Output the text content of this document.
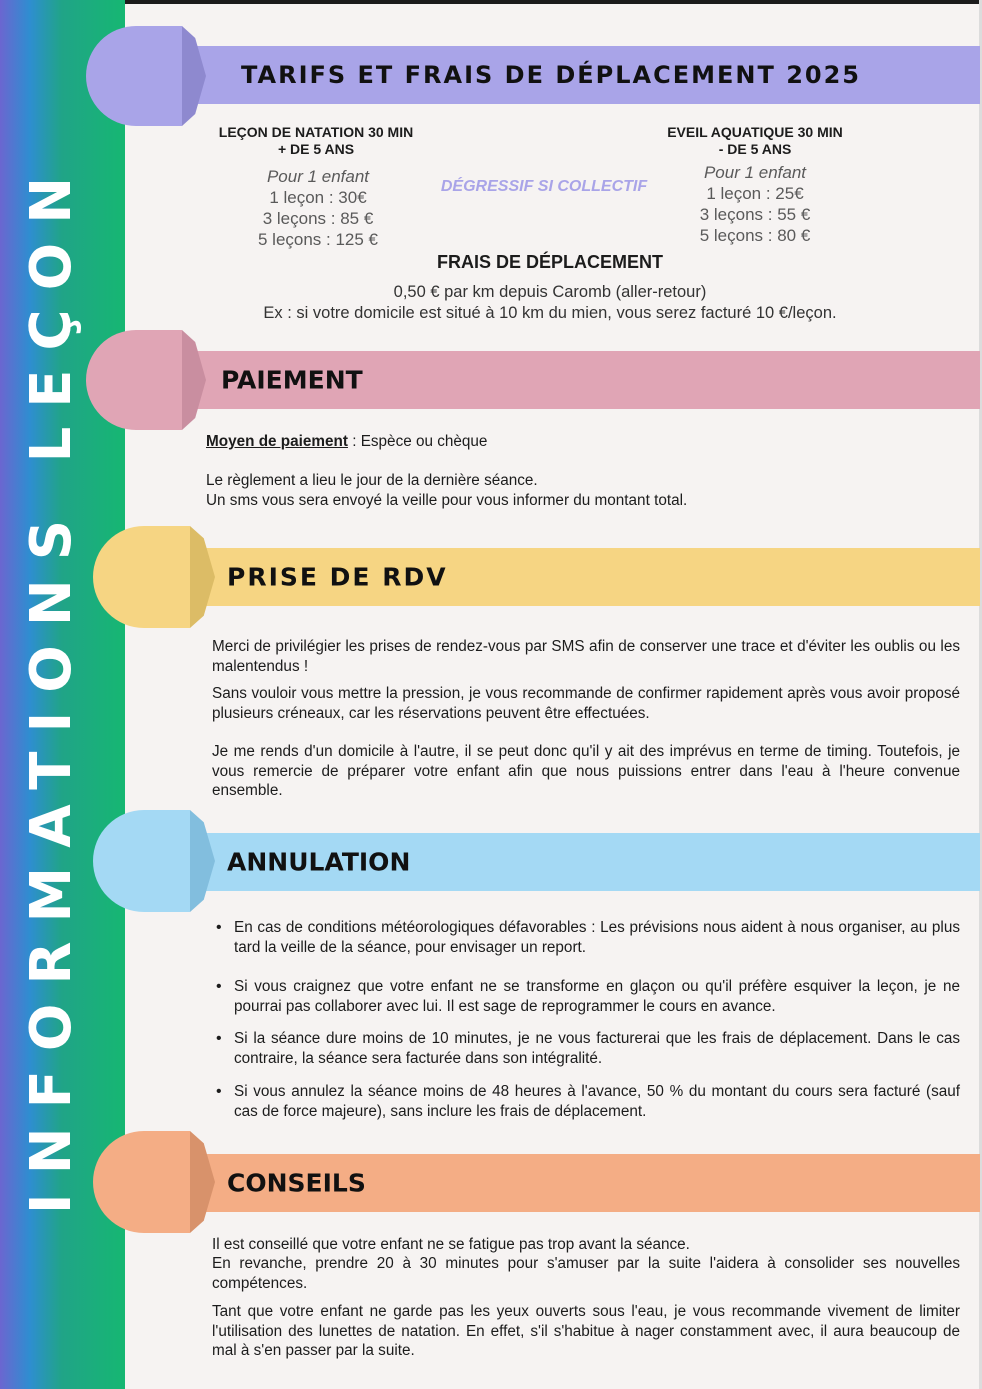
INFORMATIONS LEÇON
TARIFS ET FRAIS DE DÉPLACEMENT 2025
LEÇON DE NATATION 30 MIN
+ DE 5 ANS
Pour 1 enfant
1 leçon : 30€
3 leçons : 85 €
5 leçons : 125 €
DÉGRESSIF SI COLLECTIF
EVEIL AQUATIQUE 30 MIN
- DE 5 ANS
Pour 1 enfant
1 leçon : 25€
3 leçons : 55 €
5 leçons : 80 €
FRAIS DE DÉPLACEMENT
0,50 € par km depuis Caromb (aller-retour)
Ex : si votre domicile est situé à 10 km du mien, vous serez facturé 10 €/leçon.
PAIEMENT
Moyen de paiement : Espèce ou chèque
Le règlement a lieu le jour de la dernière séance.
Un sms vous sera envoyé la veille pour vous informer du montant total.
PRISE DE RDV
Merci de privilégier les prises de rendez-vous par SMS afin de conserver une trace et d'éviter les oublis ou les malentendus !
Sans vouloir vous mettre la pression, je vous recommande de confirmer rapidement après vous avoir proposé plusieurs créneaux, car les réservations peuvent être effectuées.
Je me rends d'un domicile à l'autre, il se peut donc qu'il y ait des imprévus en terme de timing. Toutefois, je vous remercie de préparer votre enfant afin que nous puissions entrer dans l'eau à l'heure convenue ensemble.
ANNULATION
• En cas de conditions météorologiques défavorables : Les prévisions nous aident à nous organiser, au plus tard la veille de la séance, pour envisager un report.
• Si vous craignez que votre enfant ne se transforme en glaçon ou qu'il préfère esquiver la leçon, je ne pourrai pas collaborer avec lui. Il est sage de reprogrammer le cours en avance.
• Si la séance dure moins de 10 minutes, je ne vous facturerai que les frais de déplacement. Dans le cas contraire, la séance sera facturée dans son intégralité.
• Si vous annulez la séance moins de 48 heures à l'avance, 50 % du montant du cours sera facturé (sauf cas de force majeure), sans inclure les frais de déplacement.
CONSEILS
Il est conseillé que votre enfant ne se fatigue pas trop avant la séance.
En revanche, prendre 20 à 30 minutes pour s'amuser par la suite l'aidera à consolider ses nouvelles compétences.
Tant que votre enfant ne garde pas les yeux ouverts sous l'eau, je vous recommande vivement de limiter l'utilisation des lunettes de natation. En effet, s'il s'habitue à nager constamment avec, il aura beaucoup de mal à s'en passer par la suite.
